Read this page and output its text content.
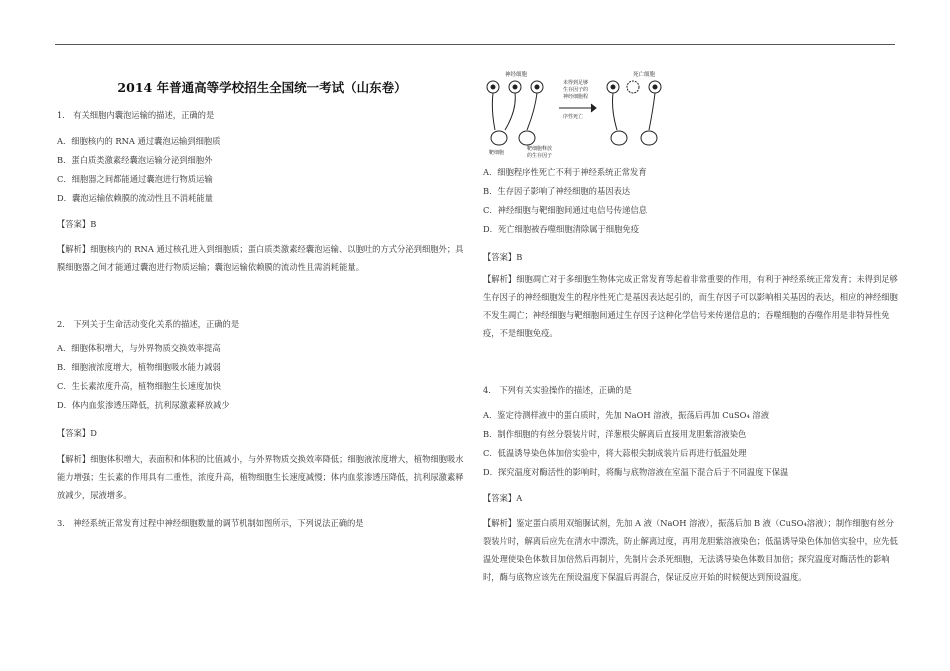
2014 年普通高等学校招生全国统一考试（山东卷）
1.　有关细胞内囊泡运输的描述，正确的是
A．细胞核内的 RNA 通过囊泡运输到细胞质
B．蛋白质类激素经囊泡运输分泌到细胞外
C．细胞器之间都能通过囊泡进行物质运输
D．囊泡运输依赖膜的流动性且不消耗能量
【答案】B
【解析】细胞核内的 RNA 通过核孔进入到细胞质；蛋白质类激素经囊泡运输、以胞吐的方式分泌到细胞外；具膜细胞器之间才能通过囊泡进行物质运输；囊泡运输依赖膜的流动性且需消耗能量。
2.　下列关于生命活动变化关系的描述，正确的是
A．细胞体积增大，与外界物质交换效率提高
B．细胞液浓度增大，植物细胞吸水能力减弱
C．生长素浓度升高，植物细胞生长速度加快
D．体内血浆渗透压降低，抗利尿激素释放减少
【答案】D
【解析】细胞体积增大，表面积和体积的比值减小，与外界物质交换效率降低；细胞液浓度增大，植物细胞吸水能力增强；生长素的作用具有二重性，浓度升高，植物细胞生长速度减慢；体内血浆渗透压降低，抗利尿激素释放减少，尿液增多。
3.　神经系统正常发育过程中神经细胞数量的调节机制如图所示，下列说法正确的是
神经细胞	死亡细胞
未得到足够
生存因子的
神经细胞程
序性死亡
靶细胞
靶细胞释放
的生存因子
A．细胞程序性死亡不利于神经系统正常发育
B．生存因子影响了神经细胞的基因表达
C．神经细胞与靶细胞间通过电信号传递信息
D．死亡细胞被吞噬细胞清除属于细胞免疫
【答案】B
【解析】细胞凋亡对于多细胞生物体完成正常发育等起着非常重要的作用，有利于神经系统正常发育；未得到足够生存因子的神经细胞发生的程序性死亡是基因表达起引的，而生存因子可以影响相关基因的表达，相应的神经细胞不发生凋亡；神经细胞与靶细胞间通过生存因子这种化学信号来传递信息的；吞噬细胞的吞噬作用是非特异性免疫，不是细胞免疫。
4.　下列有关实验操作的描述，正确的是
A．鉴定待测样液中的蛋白质时，先加 NaOH 溶液，振荡后再加 CuSO₄ 溶液
B．制作细胞的有丝分裂装片时，洋葱根尖解离后直接用龙胆紫溶液染色
C．低温诱导染色体加倍实验中，将大蒜根尖制成装片后再进行低温处理
D．探究温度对酶活性的影响时，将酶与底物溶液在室温下混合后于不同温度下保温
【答案】A
【解析】鉴定蛋白质用双缩脲试剂，先加 A 液（NaOH 溶液），振荡后加 B 液（CuSO₄溶液）；制作细胞有丝分裂装片时，解离后应先在清水中漂洗，防止解离过度，再用龙胆紫溶液染色；低温诱导染色体加倍实验中，应先低温处理使染色体数目加倍然后再制片，先制片会杀死细胞，无法诱导染色体数目加倍；探究温度对酶活性的影响时，酶与底物应该先在预设温度下保温后再混合，保证反应开始的时候便达到预设温度。
